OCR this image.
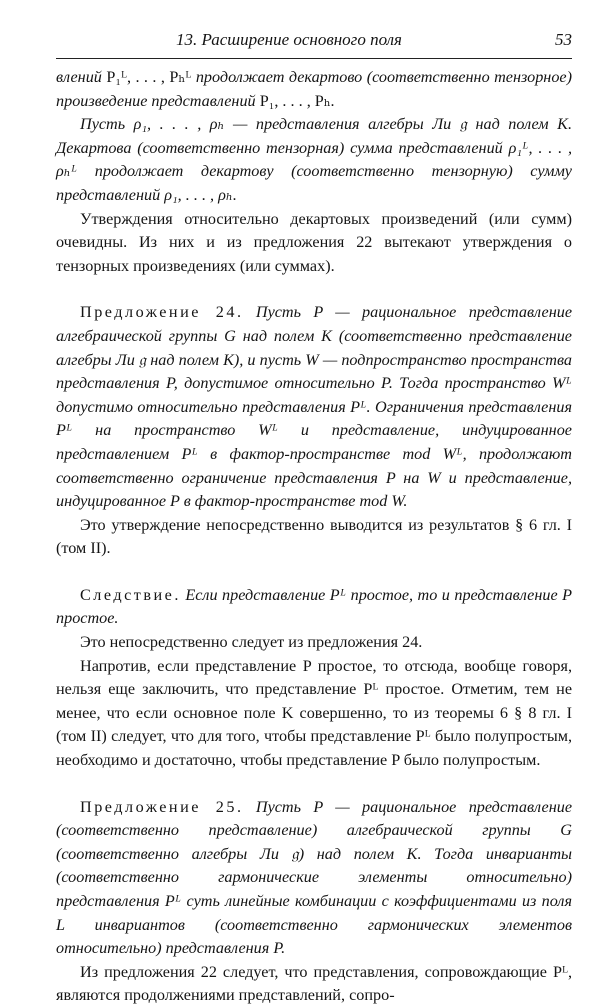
13. Расширение основного поля	53

влений P₁ᴸ, . . . , Pₕᴸ продолжает декартово (соответственно тензорное) произведение представлений P₁, . . . , Pₕ.

Пусть ρ₁, . . . , ρₕ — представления алгебры Ли 𝔤 над полем K. Декартова (соответственно тензорная) сумма представлений ρ₁ᴸ, . . . , ρₕᴸ продолжает декартову (соответственно тензорную) сумму представлений ρ₁, . . . , ρₕ.

Утверждения относительно декартовых произведений (или сумм) очевидны. Из них и из предложения 22 вытекают утверждения о тензорных произведениях (или суммах).

Предложение 24. Пусть P — рациональное представление алгебраической группы G над полем K (соответственно представление алгебры Ли 𝔤 над полем K), и пусть W — подпространство пространства представления P, допустимое относительно P. Тогда пространство Wᴸ допустимо относительно представления Pᴸ. Ограничения представления Pᴸ на пространство Wᴸ и представление, индуцированное представлением Pᴸ в фактор-пространстве mod Wᴸ, продолжают соответственно ограничение представления P на W и представление, индуцированное P в фактор-пространстве mod W.

Это утверждение непосредственно выводится из результатов § 6 гл. I (том II).

Следствие. Если представление Pᴸ простое, то и представление P простое.

Это непосредственно следует из предложения 24.

Напротив, если представление P простое, то отсюда, вообще говоря, нельзя еще заключить, что представление Pᴸ простое. Отметим, тем не менее, что если основное поле K совершенно, то из теоремы 6 § 8 гл. I (том II) следует, что для того, чтобы представление Pᴸ было полупростым, необходимо и достаточно, чтобы представление P было полупростым.

Предложение 25. Пусть P — рациональное представление (соответственно представление) алгебраической группы G (соответственно алгебры Ли 𝔤) над полем K. Тогда инварианты (соответственно гармонические элементы относительно) представления Pᴸ суть линейные комбинации с коэффициентами из поля L инвариантов (соответственно гармонических элементов относительно) представления P.

Из предложения 22 следует, что представления, сопровождающие Pᴸ, являются продолжениями представлений, сопро-
